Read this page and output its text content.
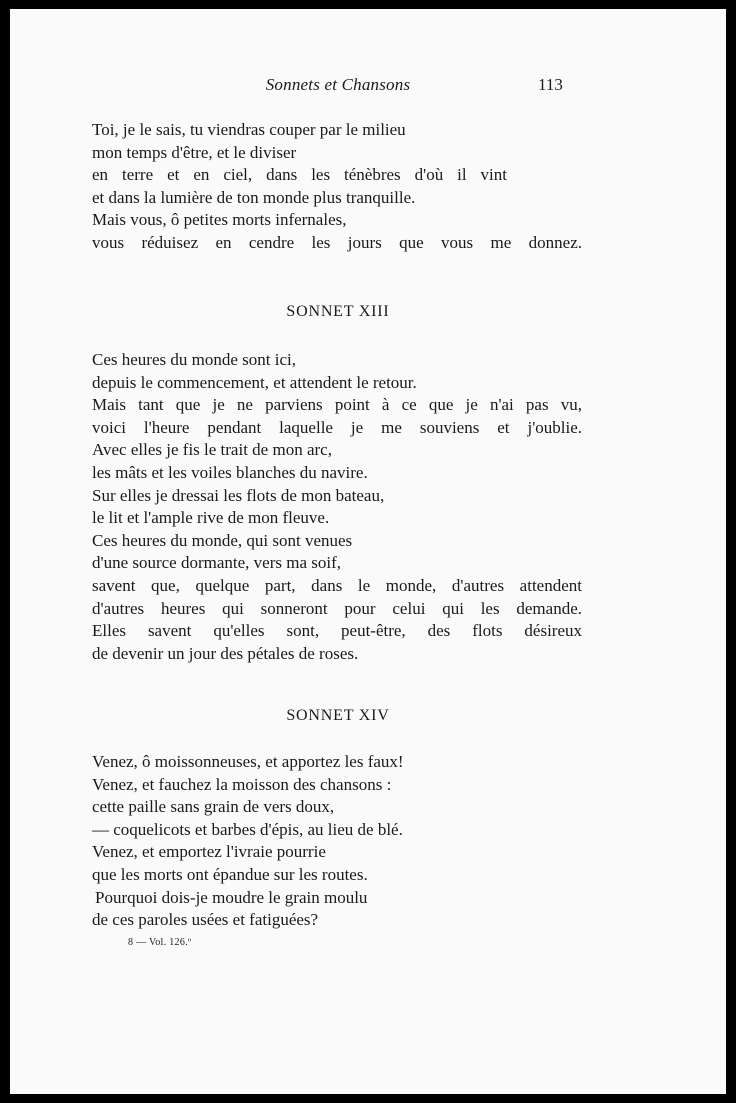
Sonnets et Chansons	113
Toi, je le sais, tu viendras couper par le milieu
mon temps d'être, et le diviser
en terre et en ciel, dans les ténèbres d'où il vint
et dans la lumière de ton monde plus tranquille.
Mais vous, ô petites morts infernales,
vous réduisez en cendre les jours que vous me donnez.
SONNET XIII
Ces heures du monde sont ici,
depuis le commencement, et attendent le retour.
Mais tant que je ne parviens point à ce que je n'ai pas vu,
voici l'heure pendant laquelle je me souviens et j'oublie.
Avec elles je fis le trait de mon arc,
les mâts et les voiles blanches du navire.
Sur elles je dressai les flots de mon bateau,
le lit et l'ample rive de mon fleuve.
Ces heures du monde, qui sont venues
d'une source dormante, vers ma soif,
savent que, quelque part, dans le monde, d'autres attendent
d'autres heures qui sonneront pour celui qui les demande.
Elles savent qu'elles sont, peut-être, des flots désireux
de devenir un jour des pétales de roses.
SONNET XIV
Venez, ô moissonneuses, et apportez les faux!
Venez, et fauchez la moisson des chansons :
cette paille sans grain de vers doux,
— coquelicots et barbes d'épis, au lieu de blé.
Venez, et emportez l'ivraie pourrie
que les morts ont épandue sur les routes.
Pourquoi dois-je moudre le grain moulu
de ces paroles usées et fatiguées?
8 — Vol. 126.º
